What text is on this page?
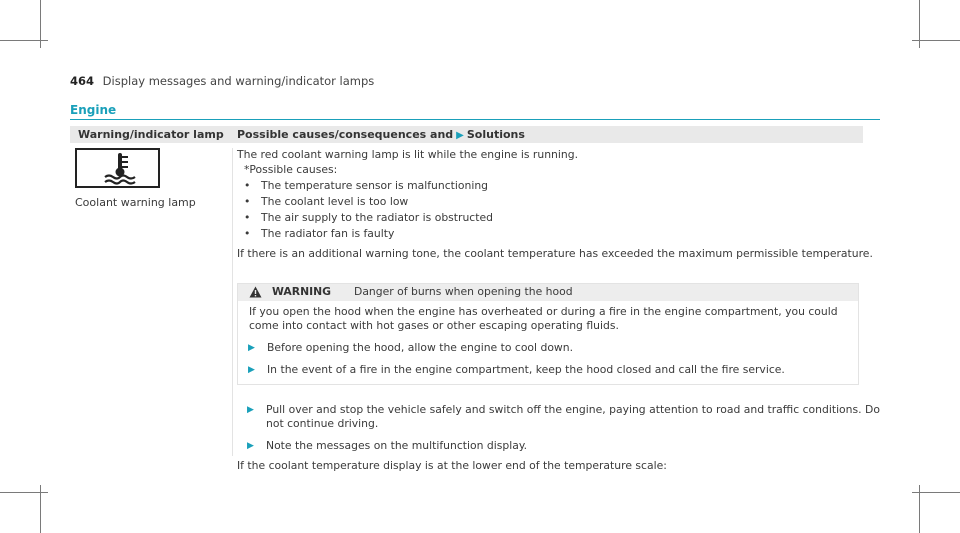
464 Display messages and warning/indicator lamps
Engine
Warning/indicator lamp	Possible causes/consequences and ▶ Solutions
Coolant warning lamp
The red coolant warning lamp is lit while the engine is running.
*Possible causes:
• The temperature sensor is malfunctioning
• The coolant level is too low
• The air supply to the radiator is obstructed
• The radiator fan is faulty
If there is an additional warning tone, the coolant temperature has exceeded the maximum permissible temperature.
WARNING Danger of burns when opening the hood
If you open the hood when the engine has overheated or during a fire in the engine compartment, you could
come into contact with hot gases or other escaping operating fluids.
▶ Before opening the hood, allow the engine to cool down.
▶ In the event of a fire in the engine compartment, keep the hood closed and call the fire service.
▶ Pull over and stop the vehicle safely and switch off the engine, paying attention to road and traffic conditions. Do
not continue driving.
▶ Note the messages on the multifunction display.
If the coolant temperature display is at the lower end of the temperature scale:
